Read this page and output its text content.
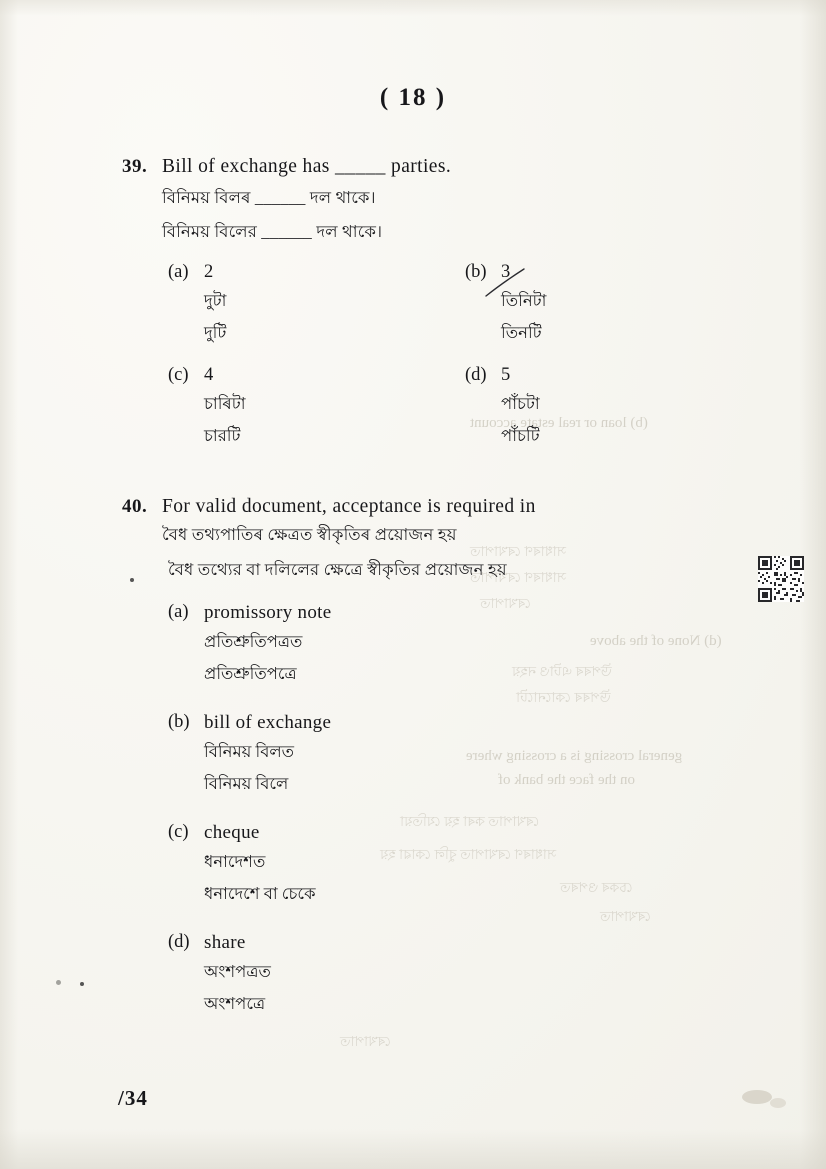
(b) loan or real estate account
(d) None of the above
general crossing is a crossing where
on the face the bank of
সাধাৰণ ৰেখাপাত
সাধাৰণ ৰেখাপাত
ৰেখাপাত
উপৰৰ এটাও নহয়
উপৰৰ কোনোটো
ৰেখাপাত কৰা হয় যেতিয়া
সাধাৰণ ৰেখাপাত বুলি কোৱা হয়
চেকৰ ওপৰত
ৰেখাপাত
ৰেখাপাত
( 18 )
39. Bill of exchange has _____ parties.
বিনিময় বিলৰ ______ দল থাকে।
বিনিময় বিলের ______ দল থাকে।
(a) 2
দুটা
দুটি
(b) 3
তিনিটা
তিনটি
(c) 4
চাৰিটা
চারটি
(d) 5
পাঁচটা
পাঁচটি
40. For valid document, acceptance is required in
বৈধ তথ্যপাতিৰ ক্ষেত্ৰত স্বীকৃতিৰ প্ৰয়োজন হয়
বৈধ তথ্যের বা দলিলের ক্ষেত্রে স্বীকৃতির প্রয়োজন হয়
(a) promissory note
প্ৰতিশ্ৰুতিপত্ৰত
প্রতিশ্রুতিপত্রে
(b) bill of exchange
বিনিময় বিলত
বিনিময় বিলে
(c) cheque
ধনাদেশত
ধনাদেশে বা চেকে
(d) share
অংশপত্ৰত
অংশপত্রে
/34
